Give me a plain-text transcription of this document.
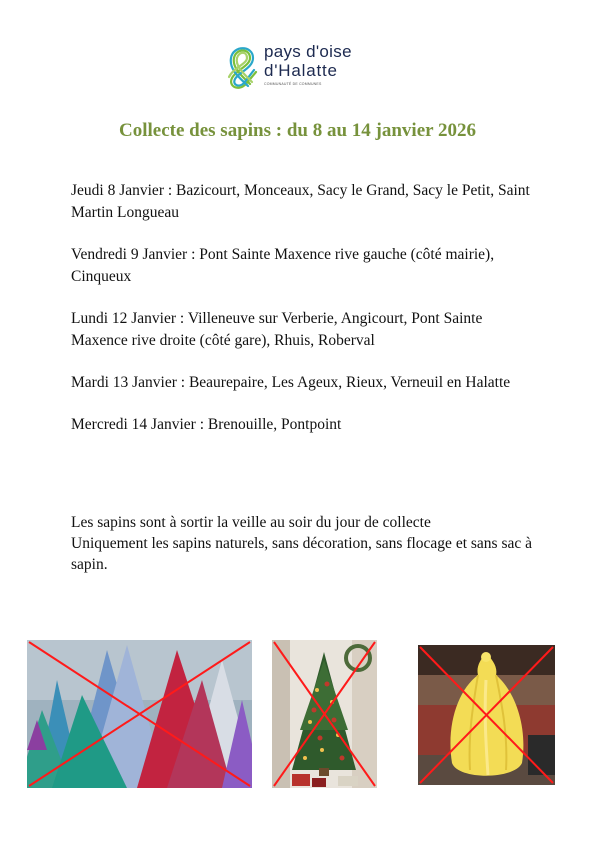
pays d'oise
d'Halatte
COMMUNAUTÉ DE COMMUNES
Collecte des sapins : du 8 au 14 janvier 2026
Jeudi 8 Janvier : Bazicourt, Monceaux, Sacy le Grand, Sacy le Petit, Saint Martin Longueau
Vendredi 9 Janvier : Pont Sainte Maxence rive gauche (côté mairie), Cinqueux
Lundi 12 Janvier : Villeneuve sur Verberie, Angicourt, Pont Sainte Maxence rive droite (côté gare), Rhuis, Roberval
Mardi 13 Janvier : Beaurepaire, Les Ageux, Rieux, Verneuil en Halatte
Mercredi 14 Janvier : Brenouille, Pontpoint

Les sapins sont à sortir la veille au soir du jour de collecte

Uniquement les sapins naturels, sans décoration, sans flocage et sans sac à sapin.
